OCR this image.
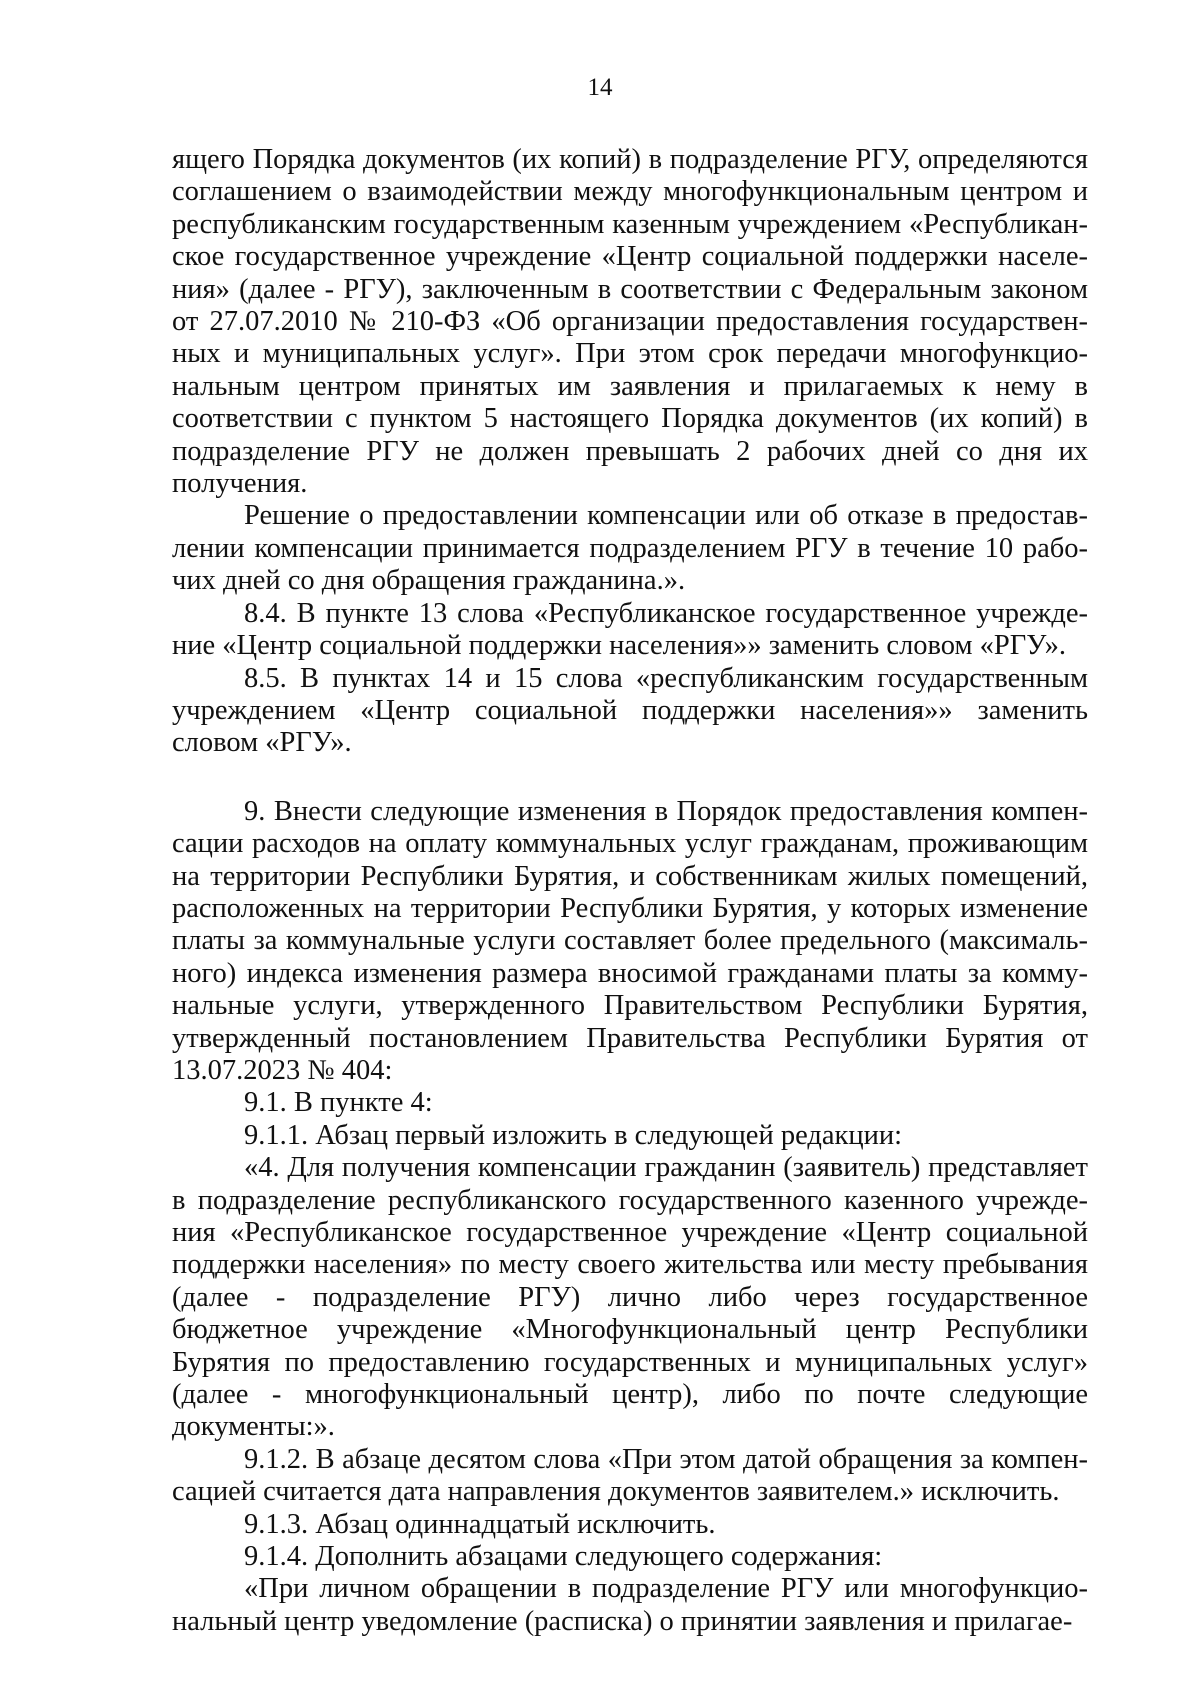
14

ящего Порядка документов (их копий) в подразделение РГУ, определяются соглашением о взаимодействии между многофункциональным центром и республиканским государственным казенным учреждением «Республиканское государственное учреждение «Центр социальной поддержки населения» (далее - РГУ), заключенным в соответствии с Федеральным законом от 27.07.2010 № 210-ФЗ «Об организации предоставления государственных и муниципальных услуг». При этом срок передачи многофункциональным центром принятых им заявления и прилагаемых к нему в соответствии с пунктом 5 настоящего Порядка документов (их копий) в подразделение РГУ не должен превышать 2 рабочих дней со дня их получения.

Решение о предоставлении компенсации или об отказе в предоставлении компенсации принимается подразделением РГУ в течение 10 рабочих дней со дня обращения гражданина.».

8.4. В пункте 13 слова «Республиканское государственное учреждение «Центр социальной поддержки населения»» заменить словом «РГУ».

8.5. В пунктах 14 и 15 слова «республиканским государственным учреждением «Центр социальной поддержки населения»» заменить словом «РГУ».

9. Внести следующие изменения в Порядок предоставления компенсации расходов на оплату коммунальных услуг гражданам, проживающим на территории Республики Бурятия, и собственникам жилых помещений, расположенных на территории Республики Бурятия, у которых изменение платы за коммунальные услуги составляет более предельного (максимального) индекса изменения размера вносимой гражданами платы за коммунальные услуги, утвержденного Правительством Республики Бурятия, утвержденный постановлением Правительства Республики Бурятия от 13.07.2023 № 404:

9.1. В пункте 4:

9.1.1. Абзац первый изложить в следующей редакции:

«4. Для получения компенсации гражданин (заявитель) представляет в подразделение республиканского государственного казенного учреждения «Республиканское государственное учреждение «Центр социальной поддержки населения» по месту своего жительства или месту пребывания (далее - подразделение РГУ) лично либо через государственное бюджетное учреждение «Многофункциональный центр Республики Бурятия по предоставлению государственных и муниципальных услуг» (далее - многофункциональный центр), либо по почте следующие документы:».

9.1.2. В абзаце десятом слова «При этом датой обращения за компенсацией считается дата направления документов заявителем.» исключить.

9.1.3. Абзац одиннадцатый исключить.

9.1.4. Дополнить абзацами следующего содержания:

«При личном обращении в подразделение РГУ или многофункциональный центр уведомление (расписка) о принятии заявления и прилагае-
